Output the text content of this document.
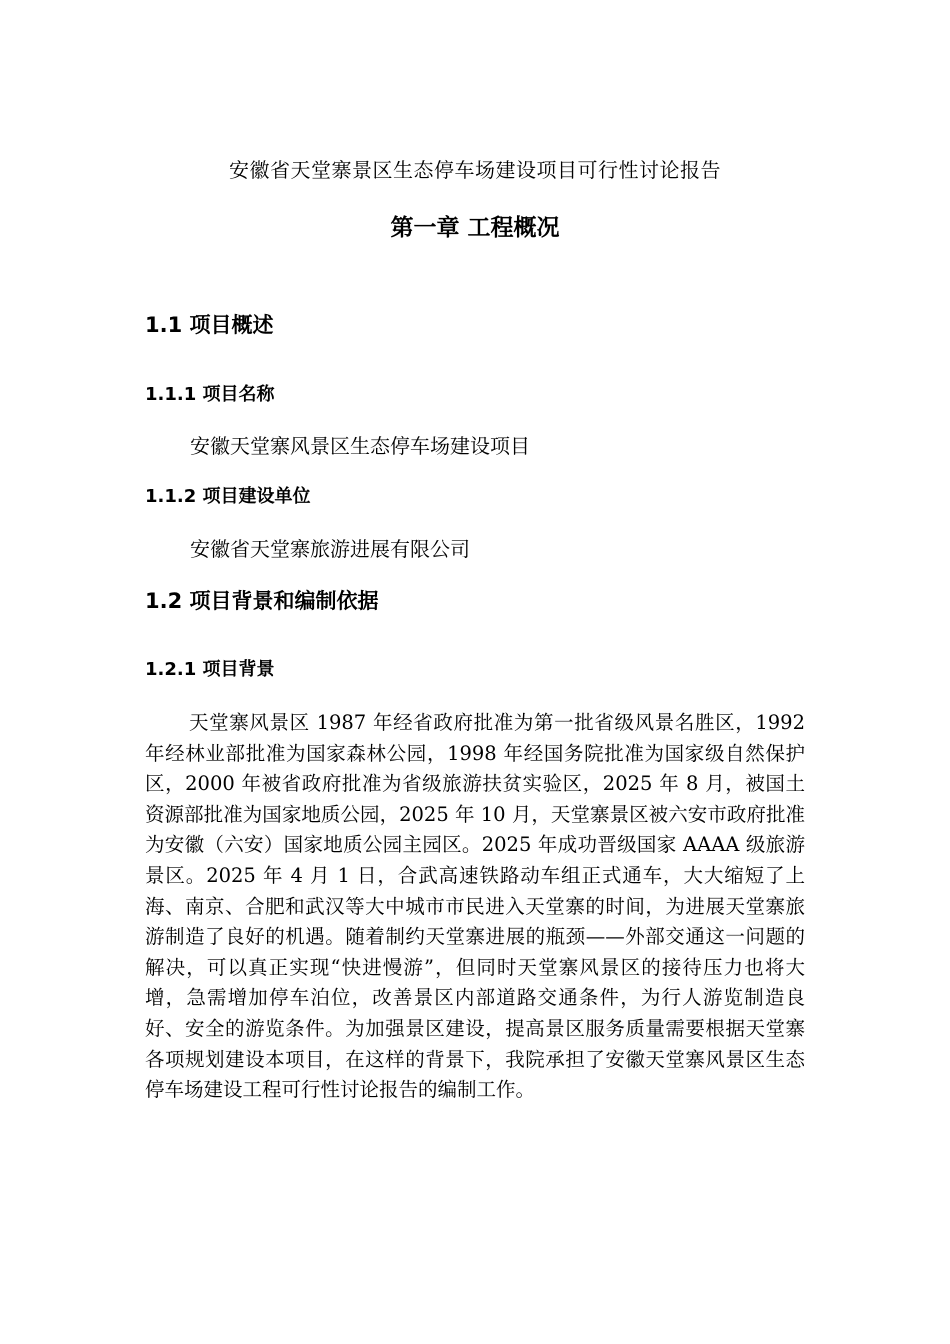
安徽省天堂寨景区生态停车场建设项目可行性讨论报告
第一章 工程概况
1.1 项目概述
1.1.1 项目名称
安徽天堂寨风景区生态停车场建设项目
1.1.2 项目建设单位
安徽省天堂寨旅游进展有限公司
1.2 项目背景和编制依据
1.2.1 项目背景

天堂寨风景区 1987 年经省政府批准为第一批省级风景名胜区，1992 年经林业部批准为国家森林公园，1998 年经国务院批准为国家级自然保护区，2000 年被省政府批准为省级旅游扶贫实验区，2025 年 8 月，被国土资源部批准为国家地质公园，2025 年 10 月，天堂寨景区被六安市政府批准为安徽（六安）国家地质公园主园区。2025 年成功晋级国家 AAAA 级旅游景区。2025 年 4 月 1 日，合武高速铁路动车组正式通车，大大缩短了上海、南京、合肥和武汉等大中城市市民进入天堂寨的时间，为进展天堂寨旅游制造了良好的机遇。随着制约天堂寨进展的瓶颈——外部交通这一问题的解决，可以真正实现“快进慢游”，但同时天堂寨风景区的接待压力也将大增，急需增加停车泊位，改善景区内部道路交通条件，为行人游览制造良好、安全的游览条件。为加强景区建设，提高景区服务质量需要根据天堂寨各项规划建设本项目，在这样的背景下，我院承担了安徽天堂寨风景区生态停车场建设工程可行性讨论报告的编制工作。
